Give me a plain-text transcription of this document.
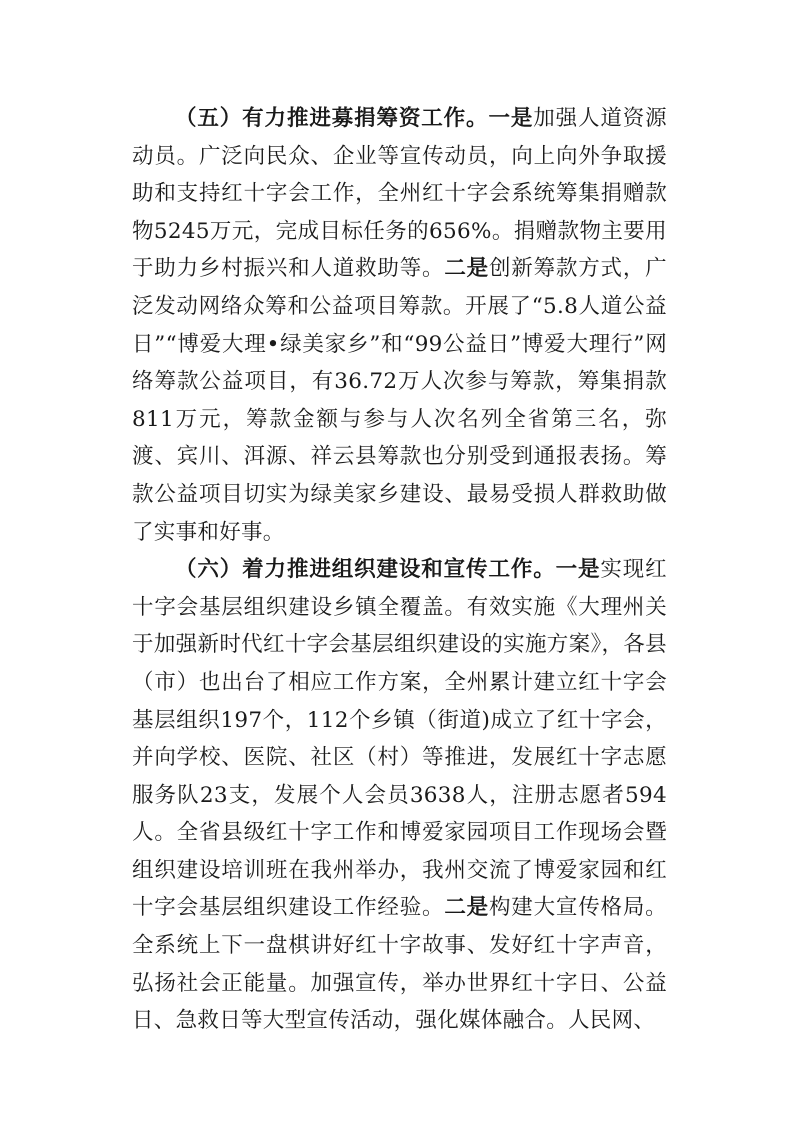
（五）有力推进募捐筹资工作。一是加强人道资源动员。广泛向民众、企业等宣传动员，向上向外争取援助和支持红十字会工作，全州红十字会系统筹集捐赠款物5245万元，完成目标任务的656%。捐赠款物主要用于助力乡村振兴和人道救助等。二是创新筹款方式，广泛发动网络众筹和公益项目筹款。开展了“5.8人道公益日”“博爱大理•绿美家乡”和“99公益日”博爱大理行”网络筹款公益项目，有36.72万人次参与筹款，筹集捐款811万元，筹款金额与参与人次名列全省第三名，弥渡、宾川、洱源、祥云县筹款也分别受到通报表扬。筹款公益项目切实为绿美家乡建设、最易受损人群救助做了实事和好事。

（六）着力推进组织建设和宣传工作。一是实现红十字会基层组织建设乡镇全覆盖。有效实施《大理州关于加强新时代红十字会基层组织建设的实施方案》，各县（市）也出台了相应工作方案，全州累计建立红十字会基层组织197个，112个乡镇（街道)成立了红十字会，并向学校、医院、社区（村）等推进，发展红十字志愿服务队23支，发展个人会员3638人，注册志愿者594人。全省县级红十字工作和博爱家园项目工作现场会暨组织建设培训班在我州举办，我州交流了博爱家园和红十字会基层组织建设工作经验。二是构建大宣传格局。全系统上下一盘棋讲好红十字故事、发好红十字声音，弘扬社会正能量。加强宣传，举办世界红十字日、公益日、急救日等大型宣传活动，强化媒体融合。人民网、
